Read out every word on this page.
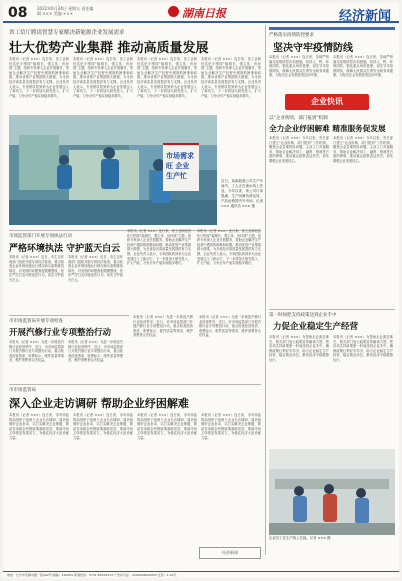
08 2022年6月24日 星期五 责任编辑 ××× 美编 ×××	湖南日报	经济新闻
省工信厅聘请智慧专家解决新能源企业发展需求
壮大优势产业集群 推动高质量发展
本报讯（记者 ×××）连日来，省工业和信息化厅围绕“稳增长、强主体、优环境”主题，组织专家深入企业开展服务，帮助企业解决生产经营中遇到的困难和问题，推动优势产业集群做大做强，为全省经济高质量发展提供有力支撑。企业负责人表示，专家团队的到来为企业发展注入了新动力，下一步将加大研发投入，扩大产能，力争全年产值实现稳步增长。
本报讯（记者 ×××）连日来，省工业和信息化厅围绕“稳增长、强主体、优环境”主题，组织专家深入企业开展服务，帮助企业解决生产经营中遇到的困难和问题，推动优势产业集群做大做强，为全省经济高质量发展提供有力支撑。企业负责人表示，专家团队的到来为企业发展注入了新动力，下一步将加大研发投入，扩大产能，力争全年产值实现稳步增长。
本报讯（记者 ×××）连日来，省工业和信息化厅围绕“稳增长、强主体、优环境”主题，组织专家深入企业开展服务，帮助企业解决生产经营中遇到的困难和问题，推动优势产业集群做大做强，为全省经济高质量发展提供有力支撑。企业负责人表示，专家团队的到来为企业发展注入了新动力，下一步将加大研发投入，扩大产能，力争全年产值实现稳步增长。
本报讯（记者 ×××）连日来，省工业和信息化厅围绕“稳增长、强主体、优环境”主题，组织专家深入企业开展服务，帮助企业解决生产经营中遇到的困难和问题，推动优势产业集群做大做强，为全省经济高质量发展提供有力支撑。企业负责人表示，专家团队的到来为企业发展注入了新动力，下一步将加大研发投入，扩大产能，力争全年产值实现稳步增长。
近日，某新能源公司生产车间内，工人正在流水线上作业。今年以来，该公司订单饱满，生产线满负荷运转，产品远销国内外市场。记者 ××× 通讯员 ××× 摄
市场需求旺 企业生产忙
严格落实疫情防控要求
坚决守牢疫情防线
本报讯（记者 ×××）连日来，各地严格落实疫情防控各项措施，坚持人、物、环境同防，强化重点场所管理，切实守牢疫情防线，保障人民群众生命安全和身体健康，为经济社会发展营造良好环境。
本报讯（记者 ×××）连日来，各地严格落实疫情防控各项措施，坚持人、物、环境同防，强化重点场所管理，切实守牢疫情防线，保障人民群众生命安全和身体健康，为经济社会发展营造良好环境。
企业快讯
以“企业吹哨、部门报到”机制
全力企业纾困解难 精准服务促发展
本报讯（记者 ×××）今年以来，有关部门建立“企业吹哨、部门报到”工作机制，聚焦企业急难愁盼问题，主动上门对接服务，帮助企业解决用工、融资、物流等方面的困难，推动惠企政策直达快享，切实增强企业发展信心。
本报讯（记者 ×××）今年以来，有关部门建立“企业吹哨、部门报到”工作机制，聚焦企业急难愁盼问题，主动上门对接服务，帮助企业解决用工、融资、物流等方面的困难，推动惠企政策直达快享，切实增强企业发展信心。
第一时间把支持政策送到企业手中
力促企业稳定生产经营
本报讯（记者 ×××）为帮助企业渡过难关，相关部门加大政策宣传解读力度，把各项支持政策第一时间送到企业手中，确保政策红利应享尽享，助力企业稳定生产经营、稳定就业岗位，推动经济平稳健康运行。
本报讯（记者 ×××）为帮助企业渡过难关，相关部门加大政策宣传解读力度，把各项支持政策第一时间送到企业手中，确保政策红利应享尽享，助力企业稳定生产经营、稳定就业岗位，推动经济平稳健康运行。
企业员工在生产线上忙碌。记者 ××× 摄
市场监管部门开展专项执法行动
严格环境执法 守护蓝天白云
本报讯（记者 ×××）近日，市生态环境部门组织开展专项执法检查，重点检查企业环保设施运行情况和污染物排放情况，对发现的问题督促限期整改，依法严厉打击环境违法行为，切实守护蓝天白云。
本报讯（记者 ×××）近日，市生态环境部门组织开展专项执法检查，重点检查企业环保设施运行情况和污染物排放情况，对发现的问题督促限期整改，依法严厉打击环境违法行为，切实守护蓝天白云。
本报讯（记者 ×××）连日来，省工业和信息化厅围绕“稳增长、强主体、优环境”主题，组织专家深入企业开展服务，帮助企业解决生产经营中遇到的困难和问题，推动优势产业集群做大做强，为全省经济高质量发展提供有力支撑。企业负责人表示，专家团队的到来为企业发展注入了新动力，下一步将加大研发投入，扩大产能，力争全年产值实现稳步增长。
本报讯（记者 ×××）连日来，省工业和信息化厅围绕“稳增长、强主体、优环境”主题，组织专家深入企业开展服务，帮助企业解决生产经营中遇到的困难和问题，推动优势产业集群做大做强，为全省经济高质量发展提供有力支撑。企业负责人表示，专家团队的到来为企业发展注入了新动力，下一步将加大研发投入，扩大产能，力争全年产值实现稳步增长。
市市场监管局开展专项检查
开展汽修行业专项整治行动
本报讯（记者 ×××）为进一步规范汽修行业经营秩序，近日，市市场监管部门开展汽修行业专项整治行动，重点检查经营资质、收费标示、配件质量等情况，维护消费者合法权益。
本报讯（记者 ×××）为进一步规范汽修行业经营秩序，近日，市市场监管部门开展汽修行业专项整治行动，重点检查经营资质、收费标示、配件质量等情况，维护消费者合法权益。
本报讯（记者 ×××）为进一步规范汽修行业经营秩序，近日，市市场监管部门开展汽修行业专项整治行动，重点检查经营资质、收费标示、配件质量等情况，维护消费者合法权益。
本报讯（记者 ×××）为进一步规范汽修行业经营秩序，近日，市市场监管部门开展汽修行业专项整治行动，重点检查经营资质、收费标示、配件质量等情况，维护消费者合法权益。
市市场监管局
深入企业走访调研 帮助企业纾困解难
本报讯（记者 ×××）连日来，市市场监管局组织干部深入企业走访调研，面对面倾听企业诉求，实打实解决企业难题，推动各项助企纾困政策落地见效，帮助市场主体恢复发展活力，为稳住经济大盘贡献力量。
本报讯（记者 ×××）连日来，市市场监管局组织干部深入企业走访调研，面对面倾听企业诉求，实打实解决企业难题，推动各项助企纾困政策落地见效，帮助市场主体恢复发展活力，为稳住经济大盘贡献力量。
本报讯（记者 ×××）连日来，市市场监管局组织干部深入企业走访调研，面对面倾听企业诉求，实打实解决企业难题，推动各项助企纾困政策落地见效，帮助市场主体恢复发展活力，为稳住经济大盘贡献力量。
本报讯（记者 ×××）连日来，市市场监管局组织干部深入企业走访调研，面对面倾听企业诉求，实打实解决企业难题，推动各项助企纾困政策落地见效，帮助市场主体恢复发展活力，为稳住经济大盘贡献力量。
经济新闻
地址：长沙市芙蓉中路一段442号 邮编：410005 新闻热线：0731-84326111 广告许可证：4300004000003 定价：1.50元
